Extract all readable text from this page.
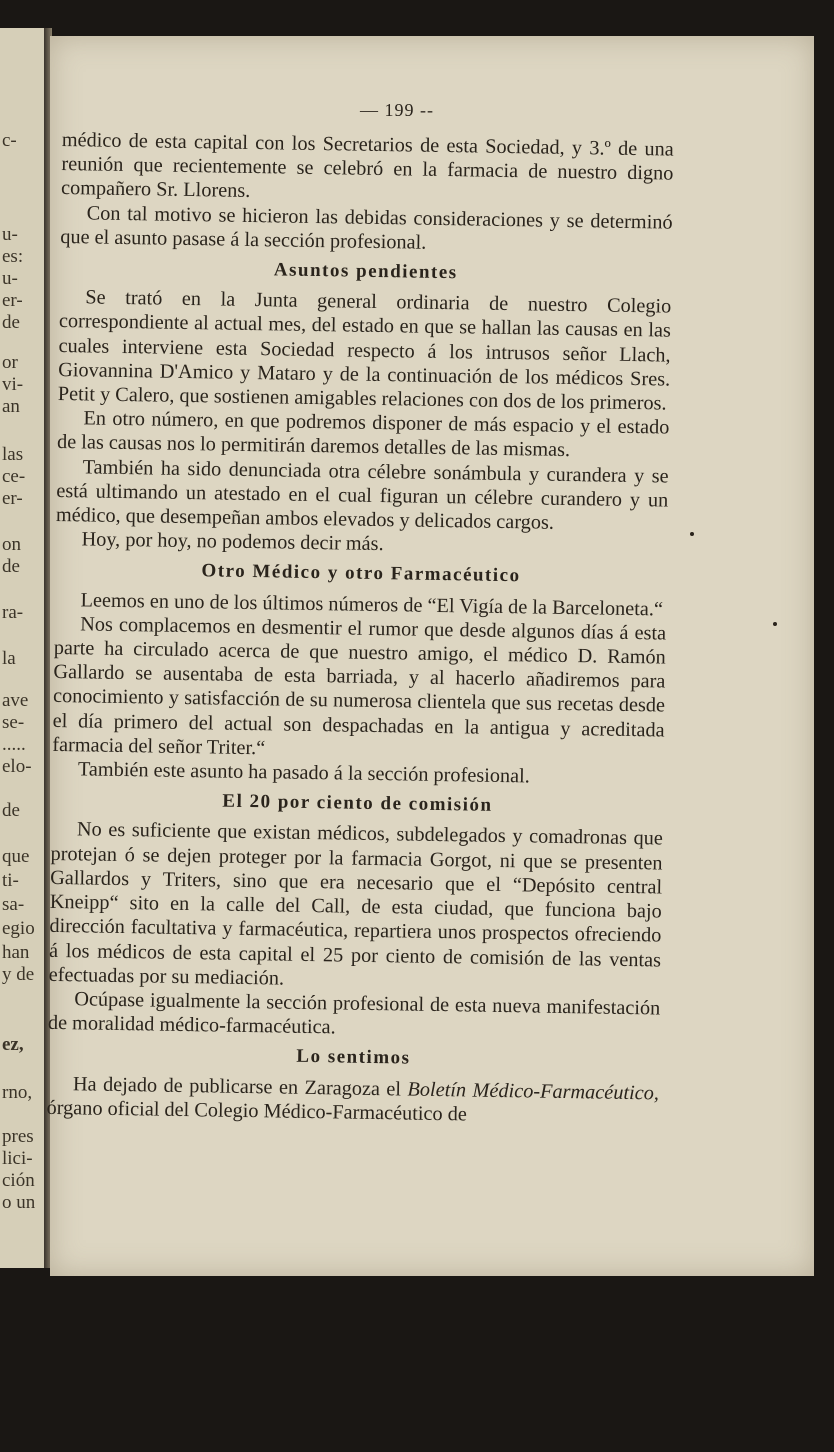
c-
u-
es:
u-
er-
de
or
vi-
an
las
ce-
er-
on
de
ra-
la
ave
se-
.....
elo-
de
que
ti-
sa-
egio
han
y de
ez,
rno,
pres
lici-
ción
o un
— 199 --

médico de esta capital con los Secretarios de esta Sociedad, y 3.º de una reunión que recientemente se celebró en la farmacia de nuestro digno compañero Sr. Llorens.

Con tal motivo se hicieron las debidas consideraciones y se determinó que el asunto pasase á la sección profesional.

Asuntos pendientes

Se trató en la Junta general ordinaria de nuestro Colegio correspondiente al actual mes, del estado en que se hallan las causas en las cuales interviene esta Sociedad respecto á los intrusos señor Llach, Giovannina D'Amico y Mataro y de la continuación de los médicos Sres. Petit y Calero, que sostienen amigables relaciones con dos de los primeros.

En otro número, en que podremos disponer de más espacio y el estado de las causas nos lo permitirán daremos detalles de las mismas.

También ha sido denunciada otra célebre sonámbula y curandera y se está ultimando un atestado en el cual figuran un célebre curandero y un médico, que desempeñan ambos elevados y delicados cargos.

Hoy, por hoy, no podemos decir más.

Otro Médico y otro Farmacéutico

Leemos en uno de los últimos números de “El Vigía de la Barceloneta.“

Nos complacemos en desmentir el rumor que desde algunos días á esta parte ha circulado acerca de que nuestro amigo, el médico D. Ramón Gallardo se ausentaba de esta barriada, y al hacerlo añadiremos para conocimiento y satisfacción de su numerosa clientela que sus recetas desde el día primero del actual son despachadas en la antigua y acreditada farmacia del señor Triter.“

También este asunto ha pasado á la sección profesional.

El 20 por ciento de comisión

No es suficiente que existan médicos, subdelegados y comadronas que protejan ó se dejen proteger por la farmacia Gorgot, ni que se presenten Gallardos y Triters, sino que era necesario que el “Depósito central Kneipp“ sito en la calle del Call, de esta ciudad, que funciona bajo dirección facultativa y farmacéutica, repartiera unos prospectos ofreciendo á los médicos de esta capital el 25 por ciento de comisión de las ventas efectuadas por su mediación.

Ocúpase igualmente la sección profesional de esta nueva manifestación de moralidad médico-farmacéutica.

Lo sentimos

Ha dejado de publicarse en Zaragoza el Boletín Médico-Farmacéutico, órgano oficial del Colegio Médico-Farmacéutico de
